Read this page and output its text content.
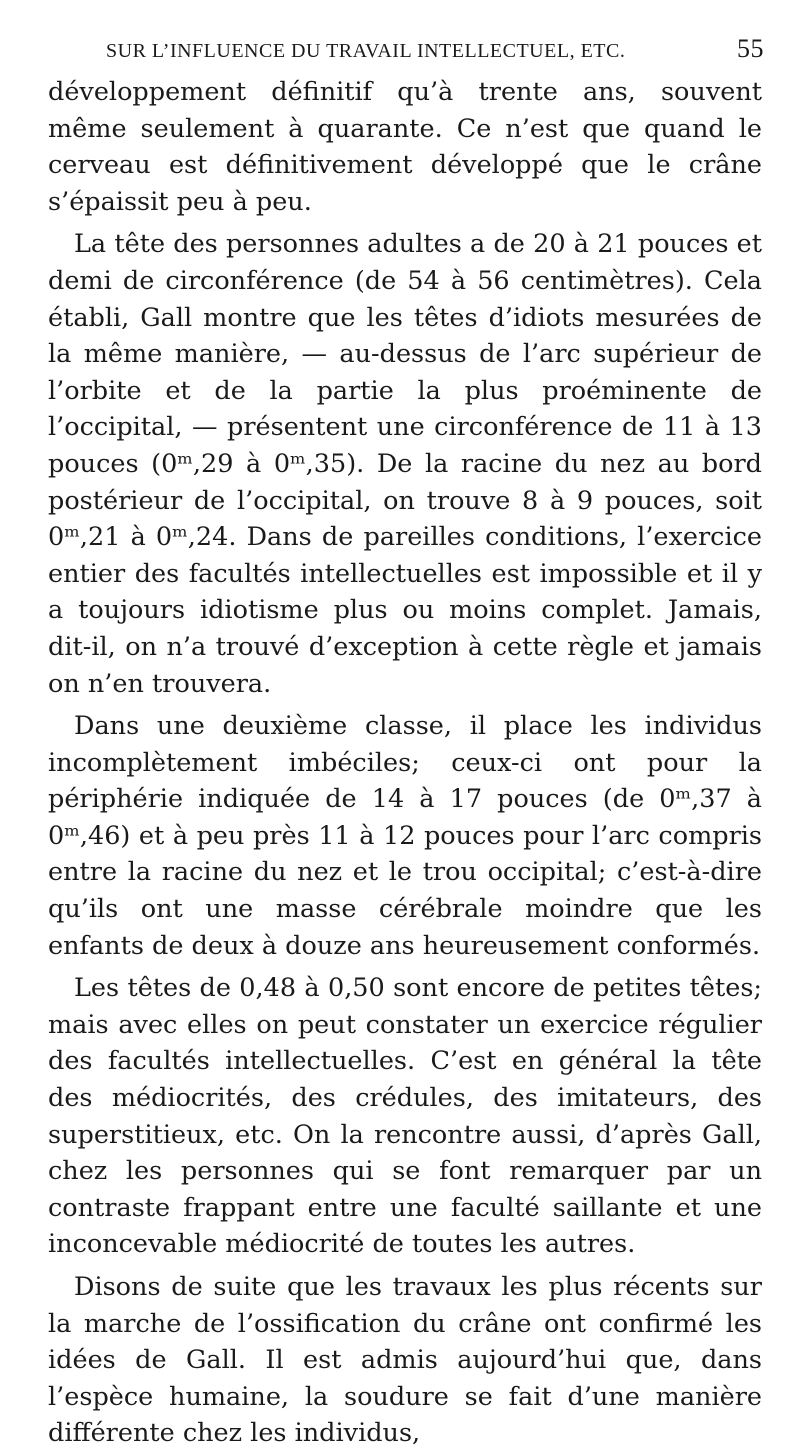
SUR L’INFLUENCE DU TRAVAIL INTELLECTUEL, ETC.	55

développement définitif qu’à trente ans, souvent même seulement à quarante. Ce n’est que quand le cerveau est définitivement développé que le crâne s’épaissit peu à peu.

La tête des personnes adultes a de 20 à 21 pouces et demi de circonférence (de 54 à 56 centimètres). Cela établi, Gall montre que les têtes d’idiots mesurées de la même manière, — au-dessus de l’arc supérieur de l’orbite et de la partie la plus proéminente de l’occipital, — présentent une circonférence de 11 à 13 pouces (0ᵐ,29 à 0ᵐ,35). De la racine du nez au bord postérieur de l’occipital, on trouve 8 à 9 pouces, soit 0ᵐ,21 à 0ᵐ,24. Dans de pareilles conditions, l’exercice entier des facultés intellectuelles est impossible et il y a toujours idiotisme plus ou moins complet. Jamais, dit-il, on n’a trouvé d’exception à cette règle et jamais on n’en trouvera.

Dans une deuxième classe, il place les individus incomplètement imbéciles; ceux-ci ont pour la périphérie indiquée de 14 à 17 pouces (de 0ᵐ,37 à 0ᵐ,46) et à peu près 11 à 12 pouces pour l’arc compris entre la racine du nez et le trou occipital; c’est-à-dire qu’ils ont une masse cérébrale moindre que les enfants de deux à douze ans heureusement conformés.

Les têtes de 0,48 à 0,50 sont encore de petites têtes; mais avec elles on peut constater un exercice régulier des facultés intellectuelles. C’est en général la tête des médiocrités, des crédules, des imitateurs, des superstitieux, etc. On la rencontre aussi, d’après Gall, chez les personnes qui se font remarquer par un contraste frappant entre une faculté saillante et une inconcevable médiocrité de toutes les autres.

Disons de suite que les travaux les plus récents sur la marche de l’ossification du crâne ont confirmé les idées de Gall. Il est admis aujourd’hui que, dans l’espèce humaine, la soudure se fait d’une manière différente chez les individus,
